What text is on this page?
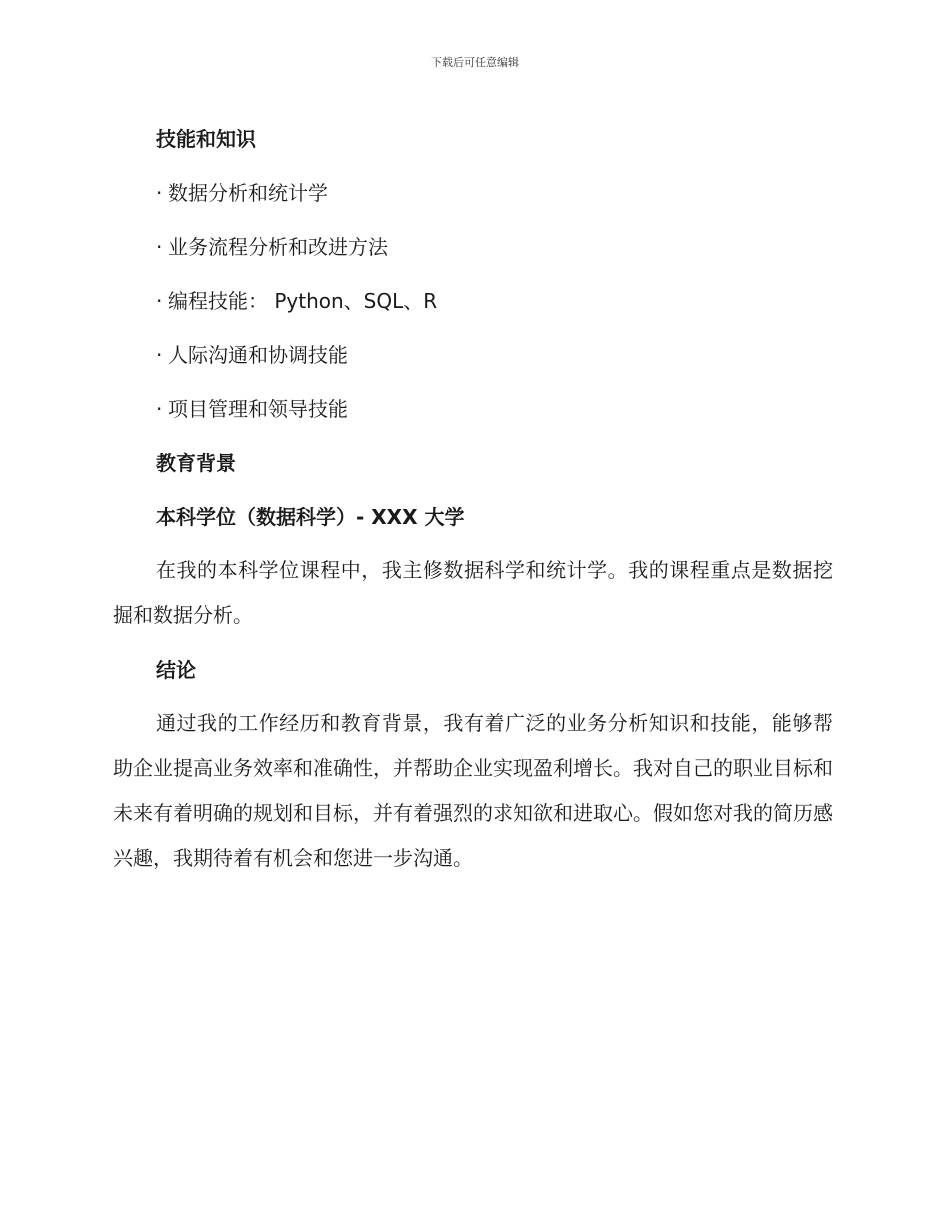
下载后可任意编辑
技能和知识

· 数据分析和统计学

· 业务流程分析和改进方法

· 编程技能： Python、SQL、R

· 人际沟通和协调技能

· 项目管理和领导技能

教育背景
本科学位（数据科学）- XXX 大学

在我的本科学位课程中，我主修数据科学和统计学。我的课程重点是数据挖掘和数据分析。

结论

通过我的工作经历和教育背景，我有着广泛的业务分析知识和技能，能够帮助企业提高业务效率和准确性，并帮助企业实现盈利增长。我对自己的职业目标和未来有着明确的规划和目标，并有着强烈的求知欲和进取心。假如您对我的简历感兴趣，我期待着有机会和您进一步沟通。
